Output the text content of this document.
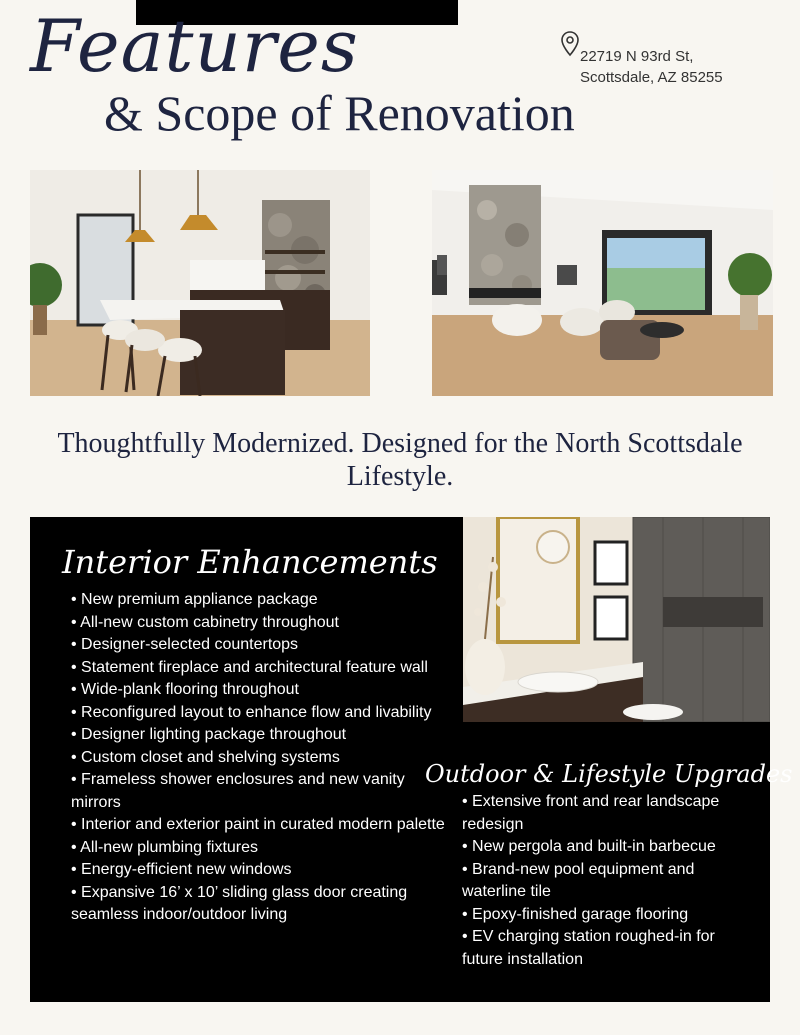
Features
& Scope of Renovation
22719 N 93rd St,
Scottsdale, AZ 85255
Thoughtfully Modernized. Designed for the North Scottsdale Lifestyle.
Interior Enhancements
• New premium appliance package
• All-new custom cabinetry throughout
• Designer-selected countertops
• Statement fireplace and architectural feature wall
• Wide-plank flooring throughout
• Reconfigured layout to enhance flow and livability
• Designer lighting package throughout
• Custom closet and shelving systems
• Frameless shower enclosures and new vanity mirrors
• Interior and exterior paint in curated modern palette
• All-new plumbing fixtures
• Energy-efficient new windows
• Expansive 16’ x 10’ sliding glass door creating seamless indoor/outdoor living
Outdoor & Lifestyle Upgrades
• Extensive front and rear landscape redesign
• New pergola and built-in barbecue
• Brand-new pool equipment and waterline tile
• Epoxy-finished garage flooring
• EV charging station roughed-in for future installation
